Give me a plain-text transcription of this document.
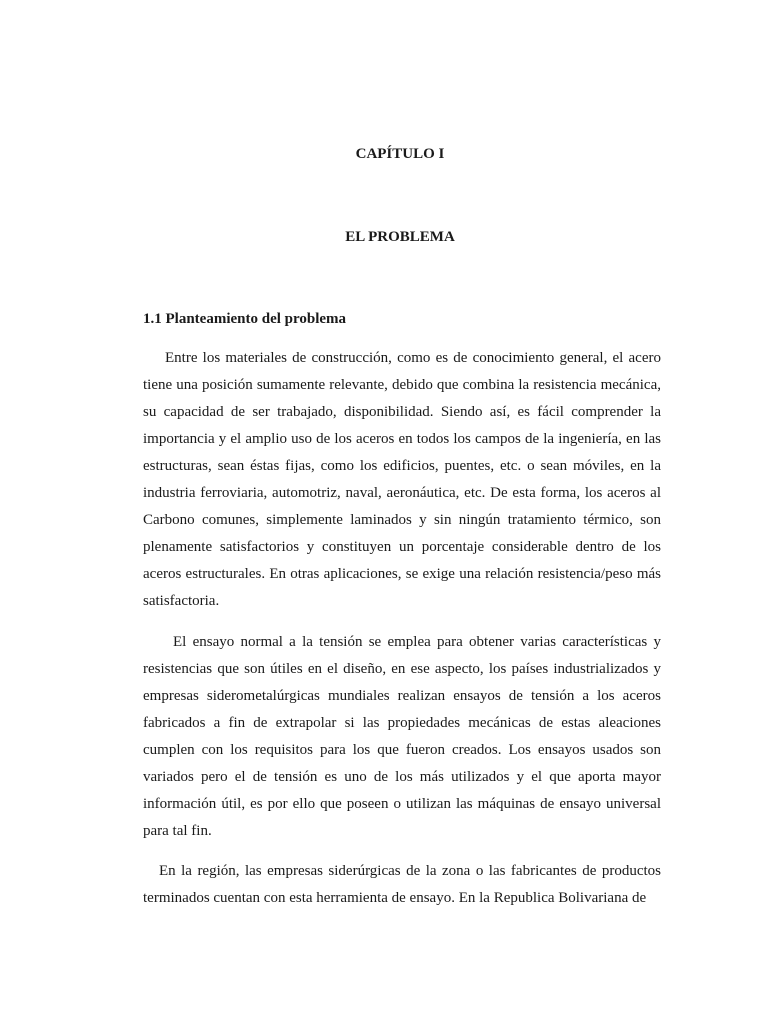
CAPÍTULO I
EL PROBLEMA
1.1 Planteamiento del problema

Entre los materiales de construcción, como es de conocimiento general, el acero tiene una posición sumamente relevante, debido que combina la resistencia mecánica, su capacidad de ser trabajado, disponibilidad. Siendo así, es fácil comprender la importancia y el amplio uso de los aceros en todos los campos de la ingeniería, en las estructuras, sean éstas fijas, como los edificios, puentes, etc. o sean móviles, en la industria ferroviaria, automotriz, naval, aeronáutica, etc. De esta forma, los aceros al Carbono comunes, simplemente laminados y sin ningún tratamiento térmico, son plenamente satisfactorios y constituyen un porcentaje considerable dentro de los aceros estructurales. En otras aplicaciones, se exige una relación resistencia/peso más satisfactoria.

El ensayo normal a la tensión se emplea para obtener varias características y resistencias que son útiles en el diseño, en ese aspecto, los países industrializados y empresas siderometalúrgicas mundiales realizan ensayos de tensión a los aceros fabricados a fin de extrapolar si las propiedades mecánicas de estas aleaciones cumplen con los requisitos para los que fueron creados. Los ensayos usados son variados pero el de tensión es uno de los más utilizados y el que aporta mayor información útil, es por ello que poseen o utilizan las máquinas de ensayo universal para tal fin.

En la región, las empresas siderúrgicas de la zona o las fabricantes de productos terminados cuentan con esta herramienta de ensayo. En la Republica Bolivariana de
